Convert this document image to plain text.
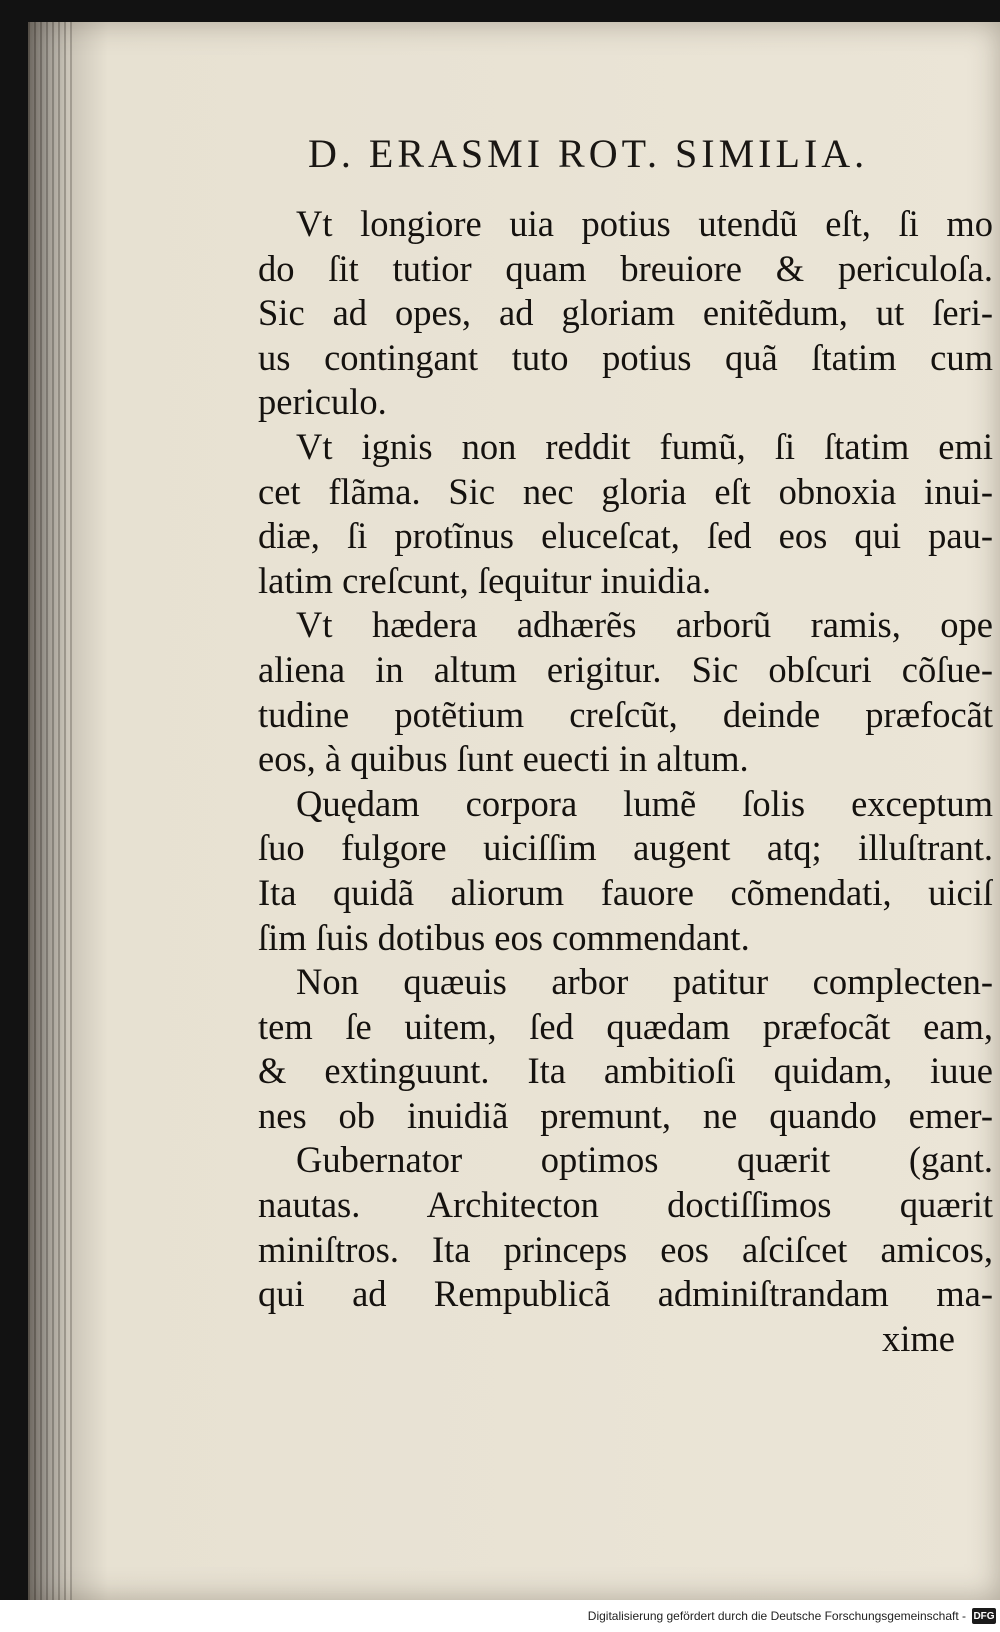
D. ERASMI ROT. SIMILIA.
Vt longiore uia potius utendũ eſt, ſi mo
do ſit tutior quam breuiore & periculoſa.
Sic ad opes, ad gloriam enitẽdum, ut ſeri-
us contingant tuto potius quã ſtatim cum
periculo.
Vt ignis non reddit fumũ, ſi ſtatim emi
cet flãma. Sic nec gloria eſt obnoxia inui-
diæ, ſi protĩnus eluceſcat, ſed eos qui pau-
latim creſcunt, ſequitur inuidia.
Vt hædera adhærẽs arborũ ramis, ope
aliena in altum erigitur. Sic obſcuri cõſue-
tudine potẽtium creſcũt, deinde præfocãt
eos, à quibus ſunt euecti in altum.
Quędam corpora lumẽ ſolis exceptum
ſuo fulgore uiciſſim augent atq; illuſtrant.
Ita quidã aliorum fauore cõmendati, uiciſ
ſim ſuis dotibus eos commendant.
Non quæuis arbor patitur complecten-
tem ſe uitem, ſed quædam præfocãt eam,
& extinguunt. Ita ambitioſi quidam, iuue
nes ob inuidiã premunt, ne quando emer-
Gubernator optimos quærit (gant.
nautas. Architecton doctiſſimos quærit
miniſtros. Ita princeps eos aſciſcet amicos,
qui ad Rempublicã adminiſtrandam ma-
xime
Digitalisierung gefördert durch die Deutsche Forschungsgemeinschaft - DFG
